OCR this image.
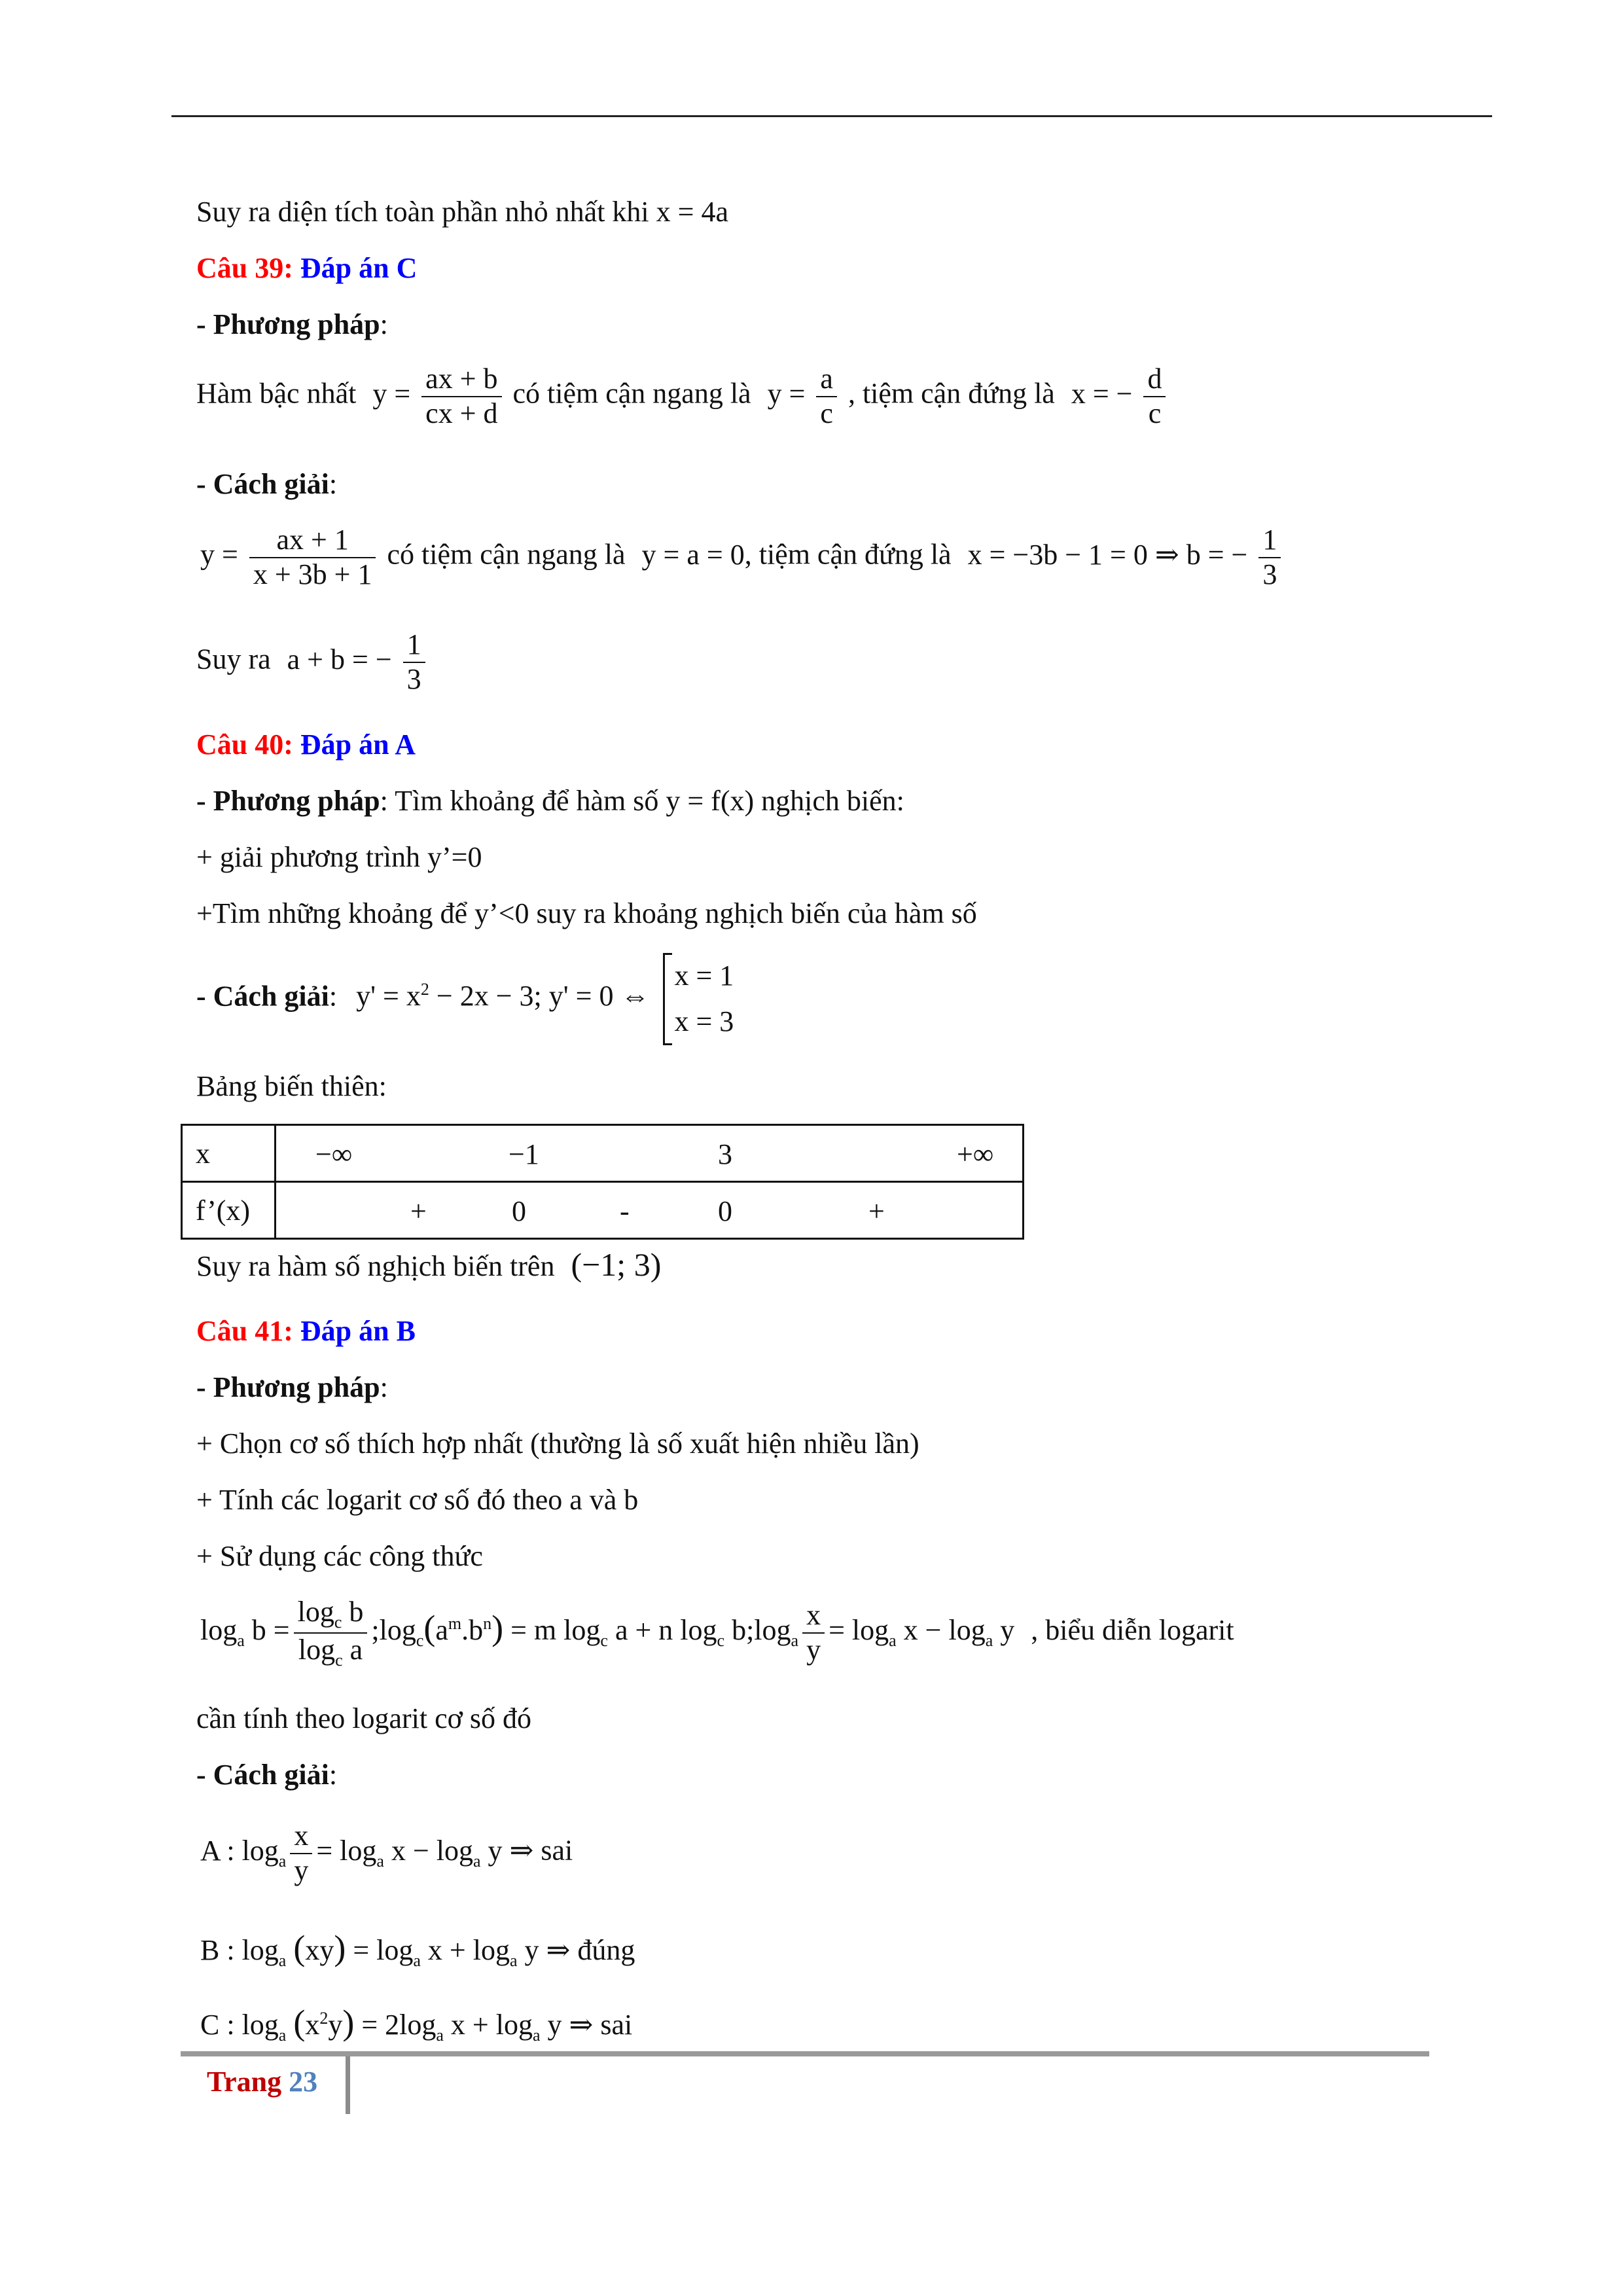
Suy ra diện tích toàn phần nhỏ nhất khi x = 4a
Câu 39: Đáp án C
- Phương pháp:
Hàm bậc nhất $y = \frac{ax + b}{cx + d}$ có tiệm cận ngang là $y = \frac{a}{c}$ , tiệm cận đứng là x = − $\frac{d}{c}$
- Cách giải:
$y = \frac{ax + 1}{x + 3b + 1}$ có tiệm cận ngang là y = a = 0, tiệm cận đứng là x = −3b − 1 = 0 ⇒ b = − $\frac{1}{3}$
Suy ra a + b = − $\frac{1}{3}$
Câu 40: Đáp án A
- Phương pháp: Tìm khoảng để hàm số y = f(x) nghịch biến:
+ giải phương trình y’=0
+Tìm những khoảng để y’<0 suy ra khoảng nghịch biến của hàm số
- Cách giải: $y' = x^2 - 2x - 3$; y' = 0 ⇔
x = 1
x = 3
Bảng biến thiên:
x	−∞ −1 3 +∞

f’(x)	+ 0 - 0 +
Suy ra hàm số nghịch biến trên (−1; 3)
Câu 41: Đáp án B
- Phương pháp:
+ Chọn cơ số thích hợp nhất (thường là số xuất hiện nhiều lần)
+ Tính các logarit cơ số đó theo a và b
+ Sử dụng các công thức
$\log_a b = \frac{\log_c b}{\log_c a}$ $;\log_c(a^m.b^n) = m$ $\log_c a + n$ $\log_c$ $b;\log_a \frac{x}{y} = \log_a x - \log_a y$ , biểu diễn logarit
cần tính theo logarit cơ số đó
- Cách giải:
A : $\log_a \frac{x}{y} = \log_a x - \log_a y$ ⇒ sai
B : $\log_a (xy) = \log_a x + \log_a y$ ⇒ đúng
C : $\log_a (x^2y) = 2\log_a$ $x + \log_a y$ ⇒ sai
Trang 23
